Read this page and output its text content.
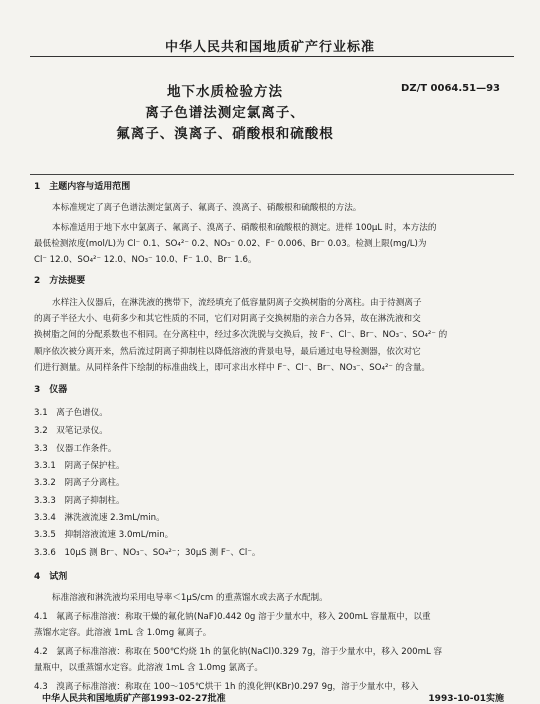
中华人民共和国地质矿产行业标准
地下水质检验方法
离子色谱法测定氯离子、
氟离子、溴离子、硝酸根和硫酸根
DZ/T 0064.51—93
1　主题内容与适用范围
本标准规定了离子色谱法测定氯离子、氟离子、溴离子、硝酸根和硫酸根的方法。
本标准适用于地下水中氯离子、氟离子、溴离子、硝酸根和硫酸根的测定。进样 100μL 时，本方法的
最低检测浓度(mol/L)为 Cl⁻ 0.1、SO₄²⁻ 0.2、NO₃⁻ 0.02、F⁻ 0.006、Br⁻ 0.03。检测上限(mg/L)为
Cl⁻ 12.0、SO₄²⁻ 12.0、NO₃⁻ 10.0、F⁻ 1.0、Br⁻ 1.6。
2　方法提要
水样注入仪器后，在淋洗液的携带下，流经填充了低容量阴离子交换树脂的分离柱。由于待测离子
的离子半径大小、电荷多少和其它性质的不同，它们对阴离子交换树脂的亲合力各异，故在淋洗液和交
换树脂之间的分配系数也不相同。在分离柱中，经过多次洗脱与交换后，按 F⁻、Cl⁻、Br⁻、NO₃⁻、SO₄²⁻ 的
顺序依次被分离开来，然后流过阴离子抑制柱以降低溶液的背景电导，最后通过电导检测器，依次对它
们进行测量。从同样条件下绘制的标准曲线上，即可求出水样中 F⁻、Cl⁻、Br⁻、NO₃⁻、SO₄²⁻ 的含量。
3　仪器
3.1　离子色谱仪。
3.2　双笔记录仪。
3.3　仪器工作条件。
3.3.1　阴离子保护柱。
3.3.2　阴离子分离柱。
3.3.3　阴离子抑制柱。
3.3.4　淋洗液流速 2.3mL/min。
3.3.5　抑制溶液流速 3.0mL/min。
3.3.6　10μS 测 Br⁻、NO₃⁻、SO₄²⁻；30μS 测 F⁻、Cl⁻。
4　试剂
标准溶液和淋洗液均采用电导率＜1μS/cm 的重蒸馏水或去离子水配制。
4.1　氟离子标准溶液：称取干燥的氟化钠(NaF)0.442 0g 溶于少量水中，移入 200mL 容量瓶中，以重
蒸馏水定容。此溶液 1mL 含 1.0mg 氟离子。
4.2　氯离子标准溶液：称取在 500℃灼烧 1h 的氯化钠(NaCl)0.329 7g，溶于少量水中，移入 200mL 容
量瓶中，以重蒸馏水定容。此溶液 1mL 含 1.0mg 氯离子。
4.3　溴离子标准溶液：称取在 100～105℃烘干 1h 的溴化钾(KBr)0.297 9g，溶于少量水中，移入
中华人民共和国地质矿产部1993-02-27批准	1993-10-01实施
